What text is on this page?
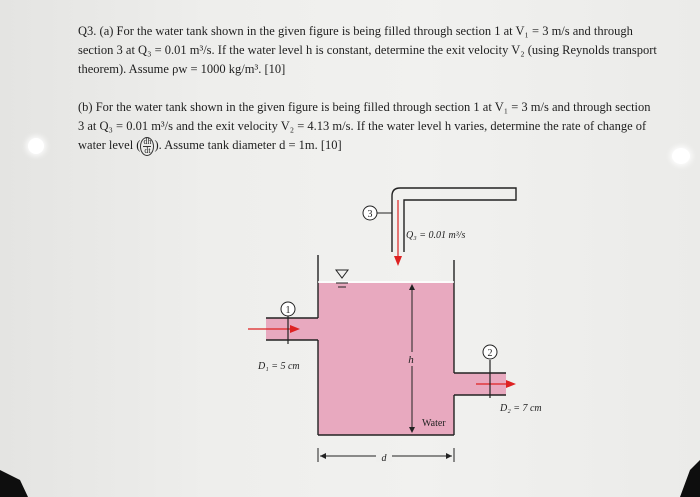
Q3. (a) For the water tank shown in the given figure is being filled through section 1 at V₁ = 3 m/s and through
section 3 at Q₃ = 0.01 m³/s. If the water level h is constant, determine the exit velocity V₂ (using Reynolds transport
theorem). Assume ρw = 1000 kg/m³. [10]
(b) For the water tank shown in the given figure is being filled through section 1 at V₁ = 3 m/s and through section
3 at Q₃ = 0.01 m³/s and the exit velocity V₂ = 4.13 m/s. If the water level h varies, determine the rate of change of
water level ( $\frac{dh}{dt}$). Assume tank diameter d = 1m. [10]
1
2
3
h
d
Q₃ = 0.01 m³/s
D₁ = 5 cm
D₂ = 7 cm
Water
